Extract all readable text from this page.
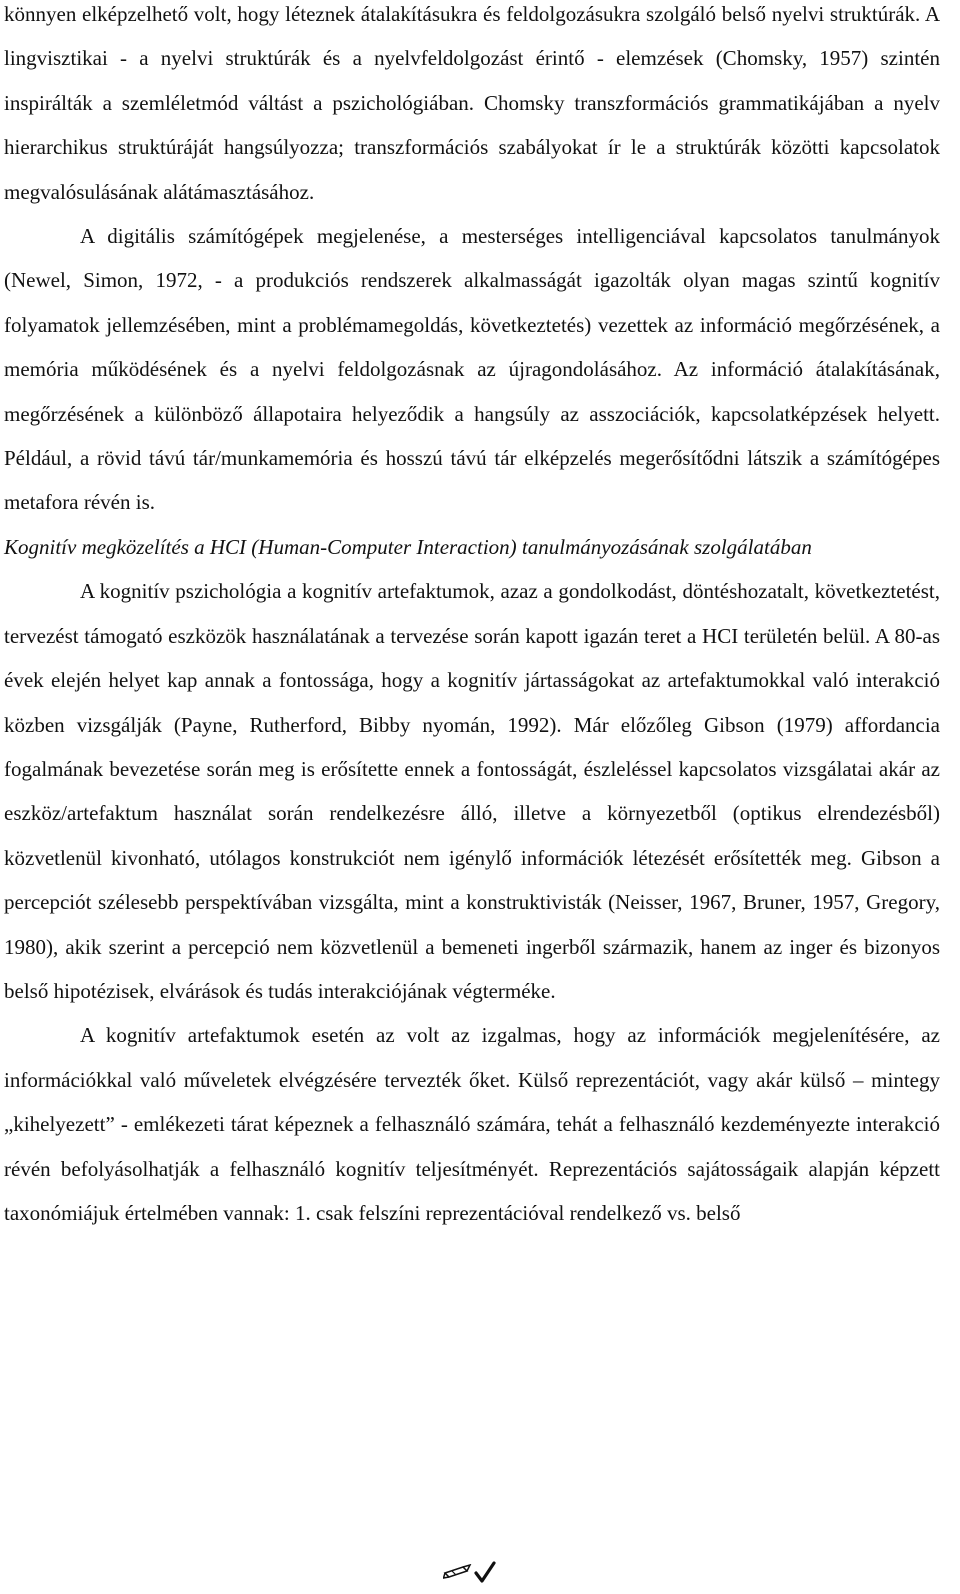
könnyen elképzelhető volt, hogy léteznek átalakításukra és feldolgozásukra szolgáló belső nyelvi struktúrák. A lingvisztikai - a nyelvi struktúrák és a nyelvfeldolgozást érintő - elemzések (Chomsky, 1957) szintén inspirálták a szemléletmód váltást a pszichológiában. Chomsky transzformációs grammatikájában a nyelv hierarchikus struktúráját hangsúlyozza; transzformációs szabályokat ír le a struktúrák közötti kapcsolatok megvalósulásának alátámasztásához.

A digitális számítógépek megjelenése, a mesterséges intelligenciával kapcsolatos tanulmányok (Newel, Simon, 1972, - a produkciós rendszerek alkalmasságát igazolták olyan magas szintű kognitív folyamatok jellemzésében, mint a problémamegoldás, következtetés) vezettek az információ megőrzésének, a memória működésének és a nyelvi feldolgozásnak az újragondolásához. Az információ átalakításának, megőrzésének a különböző állapotaira helyeződik a hangsúly az asszociációk, kapcsolatképzések helyett. Például, a rövid távú tár/munkamemória és hosszú távú tár elképzelés megerősítődni látszik a számítógépes metafora révén is.

Kognitív megközelítés a HCI (Human-Computer Interaction) tanulmányozásának szolgálatában

A kognitív pszichológia a kognitív artefaktumok, azaz a gondolkodást, döntéshozatalt, következtetést, tervezést támogató eszközök használatának a tervezése során kapott igazán teret a HCI területén belül. A 80-as évek elején helyet kap annak a fontossága, hogy a kognitív jártasságokat az artefaktumokkal való interakció közben vizsgálják (Payne, Rutherford, Bibby nyomán, 1992). Már előzőleg Gibson (1979) affordancia fogalmának bevezetése során meg is erősítette ennek a fontosságát, észleléssel kapcsolatos vizsgálatai akár az eszköz/artefaktum használat során rendelkezésre álló, illetve a környezetből (optikus elrendezésből) közvetlenül kivonható, utólagos konstrukciót nem igénylő információk létezését erősítették meg. Gibson a percepciót szélesebb perspektívában vizsgálta, mint a konstruktivisták (Neisser, 1967, Bruner, 1957, Gregory, 1980), akik szerint a percepció nem közvetlenül a bemeneti ingerből származik, hanem az inger és bizonyos belső hipotézisek, elvárások és tudás interakciójának végterméke.

A kognitív artefaktumok esetén az volt az izgalmas, hogy az információk megjelenítésére, az információkkal való műveletek elvégzésére tervezték őket. Külső reprezentációt, vagy akár külső – mintegy „kihelyezett” - emlékezeti tárat képeznek a felhasználó számára, tehát a felhasználó kezdeményezte interakció révén befolyásolhatják a felhasználó kognitív teljesítményét. Reprezentációs sajátosságaik alapján képzett taxonómiájuk értelmében vannak: 1. csak felszíni reprezentációval rendelkező vs. belső
